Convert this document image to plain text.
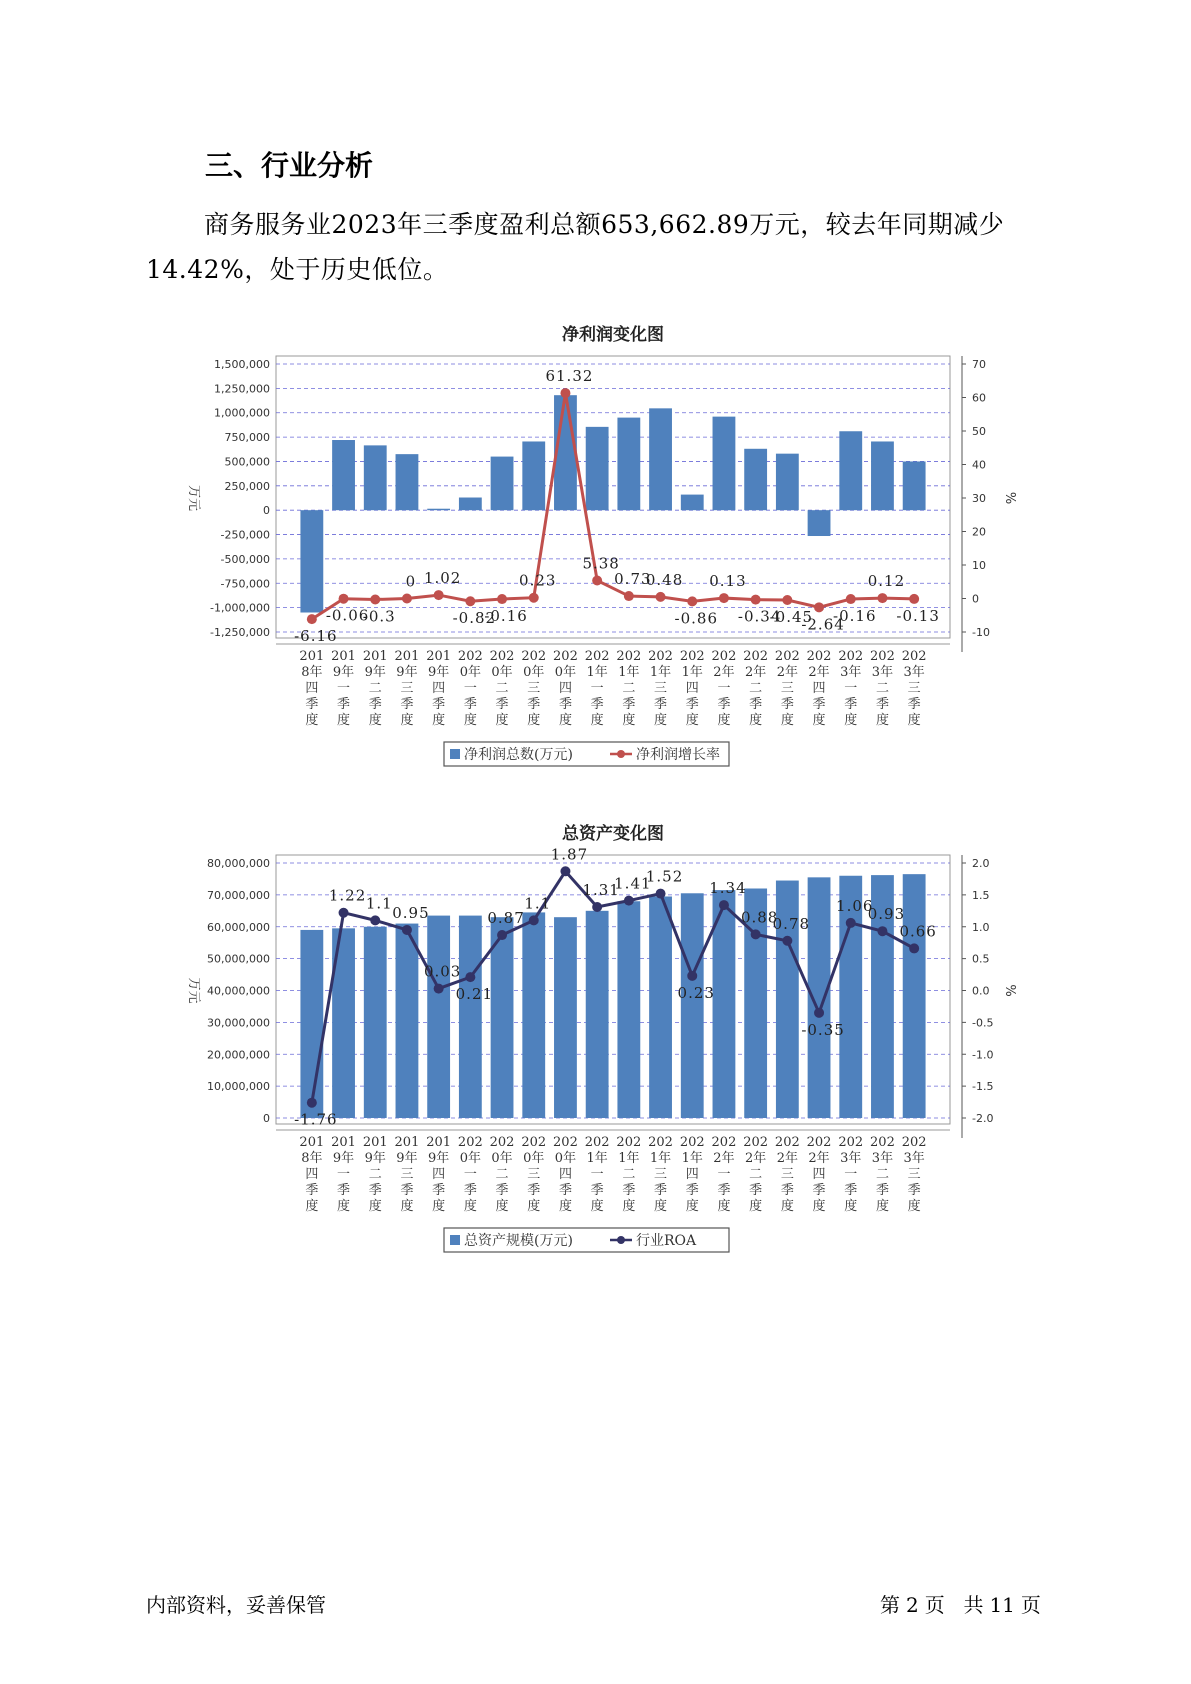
三、行业分析
商务服务业2023年三季度盈利总额653,662.89万元，较去年同期减少14.42%，处于历史低位。
净利润变化图
1,500,000
1,250,000
1,000,000
750,000
500,000
250,000
0
-250,000
-500,000
-750,000
-1,000,000
-1,250,000
70
60
50
40
30
20
10
0
-10
万元	%
-6.16
-0.06
-0.3
0 1.02
-0.82
-0.16
0.23
61.32
5.38
0.73
0.48
-0.86
0.13
-0.34
-0.45
-2.64
-0.16
0.12
-0.13
201
8年
四
季
度
201
9年
一
季
度
201
9年
二
季
度
201
9年
三
季
度
201
9年
四
季
度
202
0年
一
季
度
202
0年
二
季
度
202
0年
三
季
度
202
0年
四
季
度
202
1年
一
季
度
202
1年
二
季
度
202
1年
三
季
度
202
1年
四
季
度
202
2年
一
季
度
202
2年
二
季
度
202
2年
三
季
度
202
2年
四
季
度
202
3年
一
季
度
202
3年
二
季
度
202
3年
三
季
度
净利润总数(万元)	净利润增长率
总资产变化图
80,000,000
70,000,000
60,000,000
50,000,000
40,000,000
30,000,000
20,000,000
10,000,000
0
2.0
1.5
1.0
0.5
0.0
-0.5
-1.0
-1.5
-2.0
万元	%
-1.76
1.22 1.1
0.95
0.03
0.21
0.87
1.1
1.87
1.31
1.41
1.52
0.23
1.34
0.88
0.78
-0.35
1.06
0.93
0.66
201
8年
四
季
度
201
9年
一
季
度
201
9年
二
季
度
201
9年
三
季
度
201
9年
四
季
度
202
0年
一
季
度
202
0年
二
季
度
202
0年
三
季
度
202
0年
四
季
度
202
1年
一
季
度
202
1年
二
季
度
202
1年
三
季
度
202
1年
四
季
度
202
2年
一
季
度
202
2年
二
季
度
202
2年
三
季
度
202
2年
四
季
度
202
3年
一
季
度
202
3年
二
季
度
202
3年
三
季
度
总资产规模(万元)	行业ROA
内部资料，妥善保管	第 2 页 共 11 页
